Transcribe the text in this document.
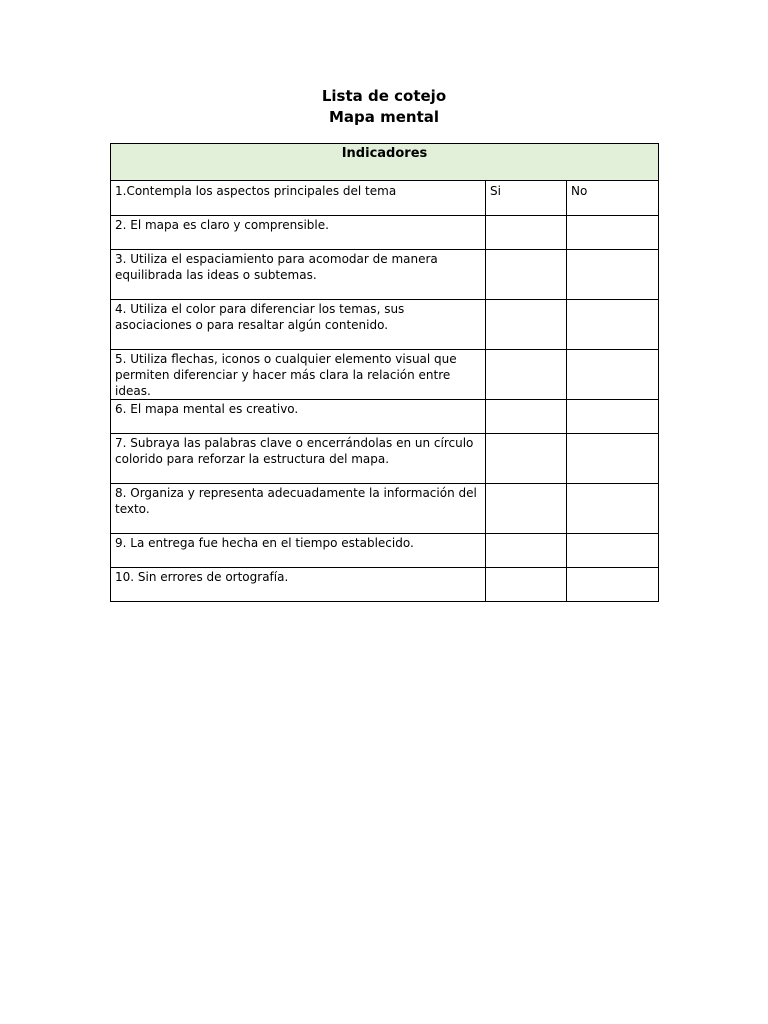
Lista de cotejo

Mapa mental

Indicadores		
1.Contempla los aspectos principales del tema	Si	No
2. El mapa es claro y comprensible.		
3. Utiliza el espaciamiento para acomodar de manera equilibrada las ideas o subtemas.		
4. Utiliza el color para diferenciar los temas, sus asociaciones o para resaltar algún contenido.		
5. Utiliza flechas, iconos o cualquier elemento visual que permiten diferenciar y hacer más clara la relación entre ideas.		
6. El mapa mental es creativo.		
7. Subraya las palabras clave o encerrándolas en un círculo colorido para reforzar la estructura del mapa.		
8. Organiza y representa adecuadamente la información del texto.		
9. La entrega fue hecha en el tiempo establecido.		
10. Sin errores de ortografía.		
